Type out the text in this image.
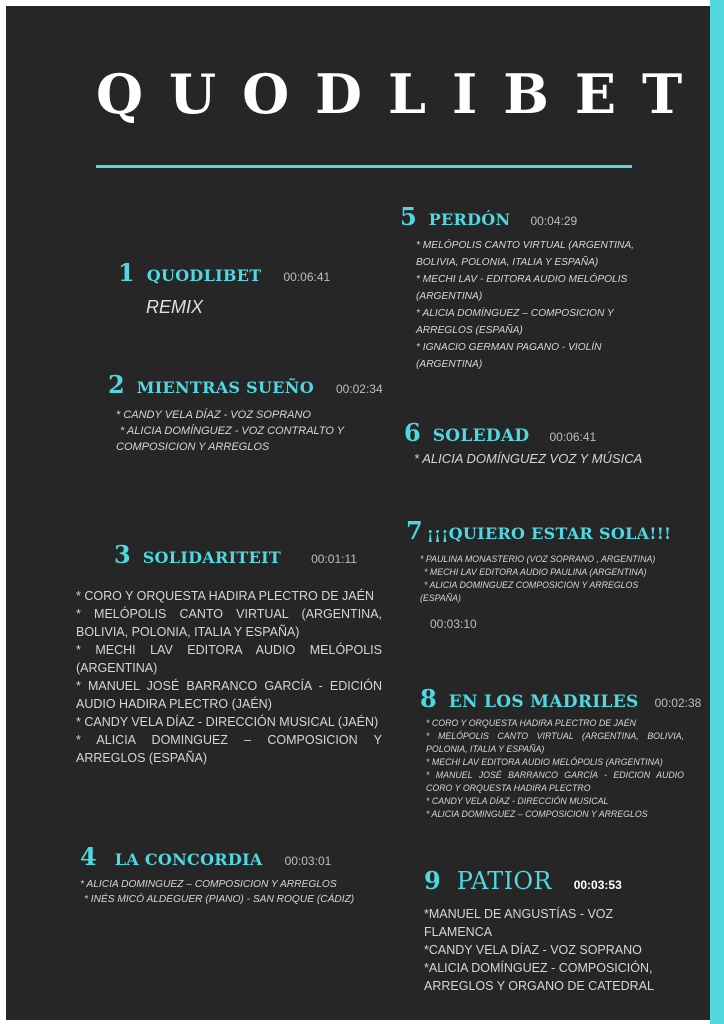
QUODLIBET
1 QUODLIBET 00:06:41
REMIX
2 MIENTRAS SUEÑO 00:02:34
* CANDY VELA DÍAZ - VOZ SOPRANO
* ALICIA DOMÍNGUEZ - VOZ CONTRALTO Y COMPOSICION Y ARREGLOS
3 SOLIDARITEIT	00:01:11
* CORO Y ORQUESTA HADIRA PLECTRO DE JAÉN
* MELÓPOLIS CANTO VIRTUAL (ARGENTINA, BOLIVIA, POLONIA, ITALIA Y ESPAÑA)
* MECHI LAV EDITORA AUDIO MELÓPOLIS (ARGENTINA)
* MANUEL JOSÉ BARRANCO GARCÍA - EDICIÓN AUDIO HADIRA PLECTRO (JAÉN)
* CANDY VELA DÍAZ - DIRECCIÓN MUSICAL (JAÉN)
* ALICIA DOMINGUEZ – COMPOSICION Y ARREGLOS (ESPAÑA)
4 LA CONCORDIA 00:03:01
* ALICIA DOMINGUEZ – COMPOSICION Y ARREGLOS
* INÉS MICÓ ALDEGUER (PIANO) - SAN ROQUE (CÁDIZ)
5 PERDÓN 00:04:29
* MELÓPOLIS CANTO VIRTUAL (ARGENTINA, BOLIVIA, POLONIA, ITALIA Y ESPAÑA)
* MECHI LAV - EDITORA AUDIO MELÓPOLIS (ARGENTINA)
* ALICIA DOMÍNGUEZ – COMPOSICION Y ARREGLOS (ESPAÑA)
* IGNACIO GERMAN PAGANO - VIOLÍN (ARGENTINA)
6 SOLEDAD 00:06:41
* ALICIA DOMÍNGUEZ VOZ Y MÚSICA
7 ¡¡¡QUIERO ESTAR SOLA!!!
* PAULINA MONASTERIO (VOZ SOPRANO , ARGENTINA)
* MECHI LAV EDITORA AUDIO PAULINA (ARGENTINA)
* ALICIA DOMINGUEZ COMPOSICION Y ARREGLOS (ESPAÑA)
00:03:10
8 EN LOS MADRILES 00:02:38
* CORO Y ORQUESTA HADIRA PLECTRO DE JAÉN
* MELÓPOLIS CANTO VIRTUAL (ARGENTINA, BOLIVIA, POLONIA, ITALIA Y ESPAÑA)
* MECHI LAV EDITORA AUDIO MELÓPOLIS (ARGENTINA)
* MANUEL JOSÉ BARRANCO GARCÍA - EDICION AUDIO CORO Y ORQUESTA HADIRA PLECTRO
* CANDY VELA DÍAZ - DIRECCIÓN MUSICAL
* ALICIA DOMINGUEZ – COMPOSICION Y ARREGLOS
9 PATIOR 00:03:53
*MANUEL DE ANGUSTÍAS - VOZ FLAMENCA
*CANDY VELA DÍAZ - VOZ SOPRANO
*ALICIA DOMÍNGUEZ - COMPOSICIÓN, ARREGLOS Y ORGANO DE CATEDRAL
